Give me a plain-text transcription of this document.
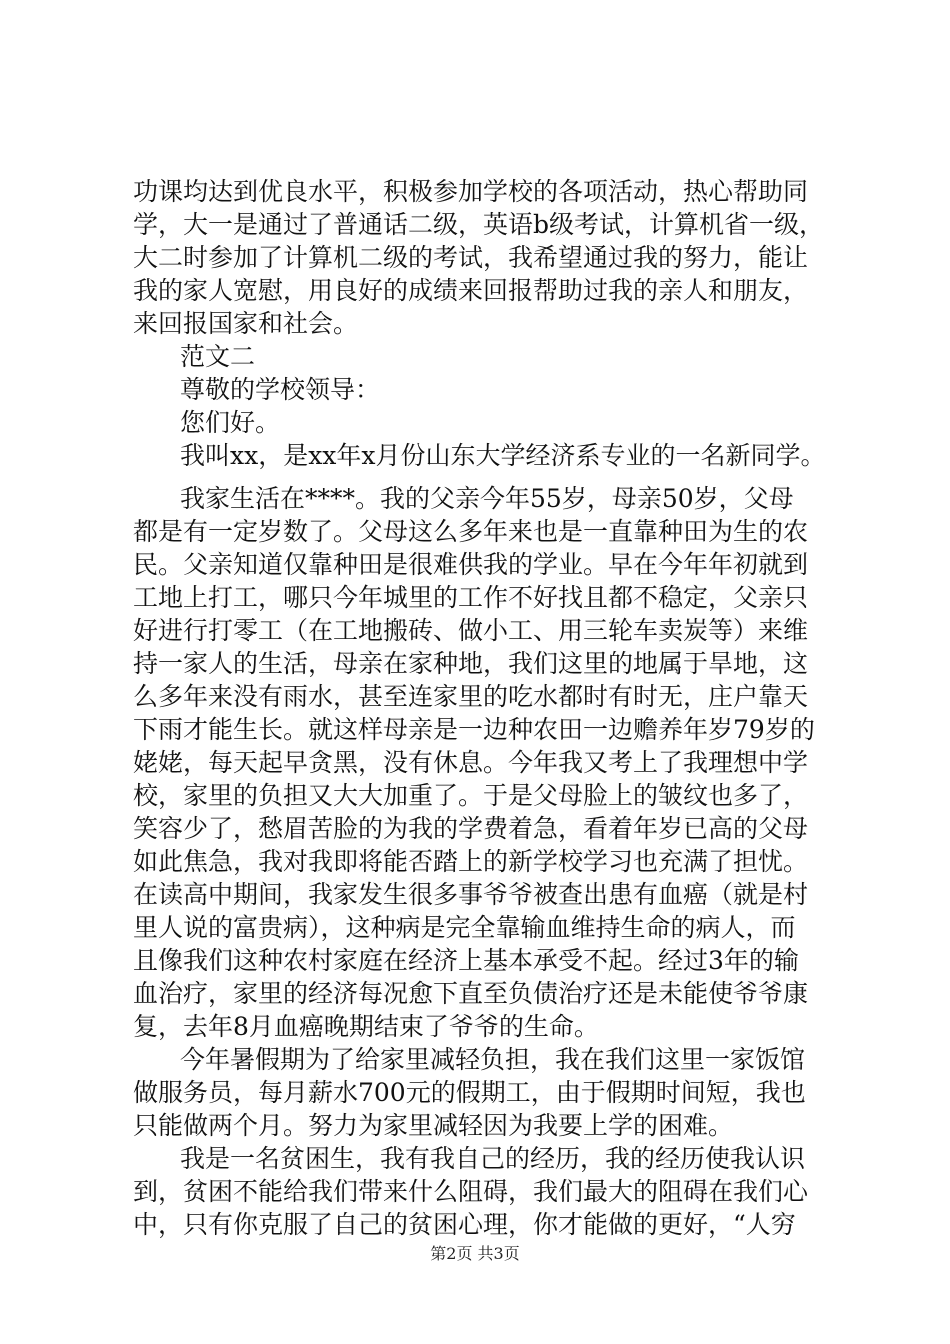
功课均达到优良水平，积极参加学校的各项活动，热心帮助同
学，大一是通过了普通话二级，英语b级考试，计算机省一级，
大二时参加了计算机二级的考试，我希望通过我的努力，能让
我的家人宽慰，用良好的成绩来回报帮助过我的亲人和朋友，
来回报国家和社会。
范文二
尊敬的学校领导：
您们好。
我叫xx，是xx年x月份山东大学经济系专业的一名新同学。
我家生活在****。我的父亲今年55岁，母亲50岁，父母
都是有一定岁数了。父母这么多年来也是一直靠种田为生的农
民。父亲知道仅靠种田是很难供我的学业。早在今年年初就到
工地上打工，哪只今年城里的工作不好找且都不稳定，父亲只
好进行打零工（在工地搬砖、做小工、用三轮车卖炭等）来维
持一家人的生活，母亲在家种地，我们这里的地属于旱地，这
么多年来没有雨水，甚至连家里的吃水都时有时无，庄户靠天
下雨才能生长。就这样母亲是一边种农田一边赡养年岁79岁的
姥姥，每天起早贪黑，没有休息。今年我又考上了我理想中学
校，家里的负担又大大加重了。于是父母脸上的皱纹也多了，
笑容少了，愁眉苦脸的为我的学费着急，看着年岁已高的父母
如此焦急，我对我即将能否踏上的新学校学习也充满了担忧。
在读高中期间，我家发生很多事爷爷被查出患有血癌（就是村
里人说的富贵病），这种病是完全靠输血维持生命的病人，而
且像我们这种农村家庭在经济上基本承受不起。经过3年的输
血治疗，家里的经济每况愈下直至负债治疗还是未能使爷爷康
复，去年8月血癌晚期结束了爷爷的生命。
今年暑假期为了给家里减轻负担，我在我们这里一家饭馆
做服务员，每月薪水700元的假期工，由于假期时间短，我也
只能做两个月。努力为家里减轻因为我要上学的困难。
我是一名贫困生，我有我自己的经历，我的经历使我认识
到，贫困不能给我们带来什么阻碍，我们最大的阻碍在我们心
中，只有你克服了自己的贫困心理，你才能做的更好，“人穷
第2页 共3页
